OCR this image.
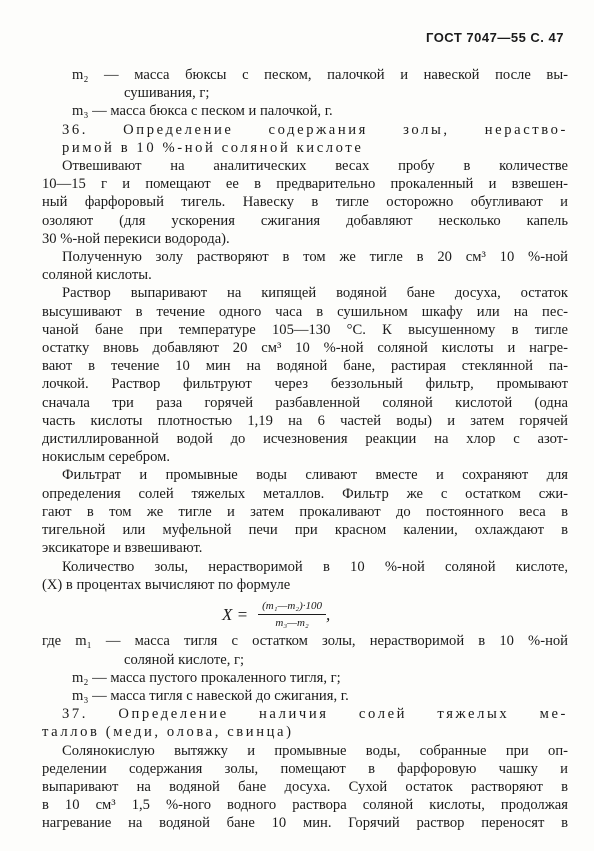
ГОСТ 7047—55 С. 47
m₂ — масса бюксы с песком, палочкой и навеской после вы-
сушивания, г;
m₃ — масса бюкса с песком и палочкой, г.
36. Определение содержания золы, нераство-
римой в 10 %-ной соляной кислоте
Отвешивают на аналитических весах пробу в количестве
10—15 г и помещают ее в предварительно прокаленный и взвешен-
ный фарфоровый тигель. Навеску в тигле осторожно обугливают и
озоляют (для ускорения сжигания добавляют несколько капель
30 %-ной перекиси водорода).
Полученную золу растворяют в том же тигле в 20 см³ 10 %-ной
соляной кислоты.
Раствор выпаривают на кипящей водяной бане досуха, остаток
высушивают в течение одного часа в сушильном шкафу или на пес-
чаной бане при температуре 105—130 °С. К высушенному в тигле
остатку вновь добавляют 20 см³ 10 %-ной соляной кислоты и нагре-
вают в течение 10 мин на водяной бане, растирая стеклянной па-
лочкой. Раствор фильтруют через беззольный фильтр, промывают
сначала три раза горячей разбавленной соляной кислотой (одна
часть кислоты плотностью 1,19 на 6 частей воды) и затем горячей
дистиллированной водой до исчезновения реакции на хлор с азот-
нокислым серебром.
Фильтрат и промывные воды сливают вместе и сохраняют для
определения солей тяжелых металлов. Фильтр же с остатком сжи-
гают в том же тигле и затем прокаливают до постоянного веса в
тигельной или муфельной печи при красном калении, охлаждают в
эксикаторе и взвешивают.
Количество золы, нерастворимой в 10 %-ной соляной кислоте,
(X) в процентах вычисляют по формуле
где m₁ — масса тигля с остатком золы, нерастворимой в 10 %-ной
соляной кислоте, г;
m₂ — масса пустого прокаленного тигля, г;
m₃ — масса тигля с навеской до сжигания, г.
37. Определение наличия солей тяжелых ме-
таллов (меди, олова, свинца)
Солянокислую вытяжку и промывные воды, собранные при оп-
ределении содержания золы, помещают в фарфоровую чашку и
выпаривают на водяной бане досуха. Сухой остаток растворяют в
в 10 см³ 1,5 %-ного водного раствора соляной кислоты, продолжая
нагревание на водяной бане 10 мин. Горячий раствор переносят в
$X = \frac{\text{(m₁—m₂)·100}}{\text{m₃—m₂}}$ ,
